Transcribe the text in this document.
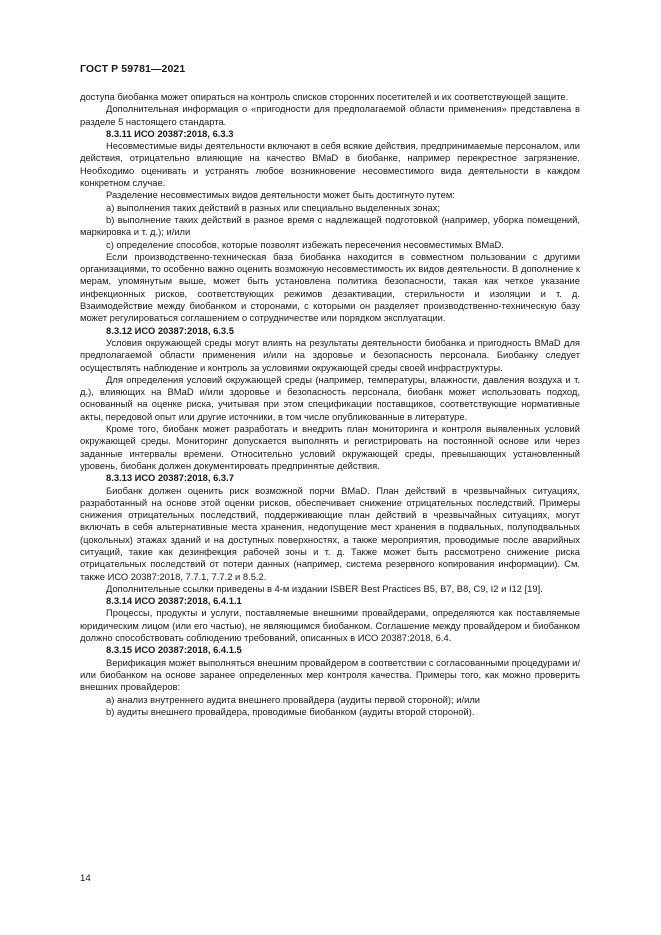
ГОСТ Р 59781—2021

доступа биобанка может опираться на контроль списков сторонних посетителей и их соответствующей защите.

Дополнительная информация о «пригодности для предполагаемой области применения» представлена в разделе 5 настоящего стандарта.

8.3.11 ИСО 20387:2018, 6.3.3

Несовместимые виды деятельности включают в себя всякие действия, предпринимаемые персоналом, или действия, отрицательно влияющие на качество BMaD в биобанке, например перекрестное загрязнение. Необходимо оценивать и устранять любое возникновение несовместимого вида деятельности в каждом конкретном случае.

Разделение несовместимых видов деятельности может быть достигнуто путем:

a) выполнения таких действий в разных или специально выделенных зонах;

b) выполнение таких действий в разное время с надлежащей подготовкой (например, уборка помещений, маркировка и т. д.); и/или

c) определение способов, которые позволят избежать пересечения несовместимых BMaD.

Если производственно-техническая база биобанка находится в совместном пользовании с другими организациями, то особенно важно оценить возможную несовместимость их видов деятельности. В дополнение к мерам, упомянутым выше, может быть установлена политика безопасности, такая как четкое указание инфекционных рисков, соответствующих режимов дезактивации, стерильности и изоляции и т. д. Взаимодействие между биобанком и сторонами, с которыми он разделяет производственно-техническую базу может регулироваться соглашением о сотрудничестве или порядком эксплуатации.

8.3.12 ИСО 20387:2018, 6.3.5

Условия окружающей среды могут влиять на результаты деятельности биобанка и пригодность BMaD для предполагаемой области применения и/или на здоровье и безопасность персонала. Биобанку следует осуществлять наблюдение и контроль за условиями окружающей среды своей инфраструктуры.

Для определения условий окружающей среды (например, температуры, влажности, давления воздуха и т. д.), влияющих на BMaD и/или здоровье и безопасность персонала, биобанк может использовать подход, основанный на оценке риска, учитывая при этом спецификации поставщиков, соответствующие нормативные акты, передовой опыт или другие источники, в том числе опубликованные в литературе.

Кроме того, биобанк может разработать и внедрить план мониторинга и контроля выявленных условий окружающей среды. Мониторинг допускается выполнять и регистрировать на постоянной основе или через заданные интервалы времени. Относительно условий окружающей среды, превышающих установленный уровень, биобанк должен документировать предпринятые действия.

8.3.13 ИСО 20387:2018, 6.3.7

Биобанк должен оценить риск возможной порчи BMaD. План действий в чрезвычайных ситуациях, разработанный на основе этой оценки рисков, обеспечивает снижение отрицательных последствий. Примеры снижения отрицательных последствий, поддерживающие план действий в чрезвычайных ситуациях, могут включать в себя альтернативные места хранения, недопущение мест хранения в подвальных, полуподвальных (цокольных) этажах зданий и на доступных поверхностях, а также мероприятия, проводимые после аварийных ситуаций, такие как дезинфекция рабочей зоны и т. д. Также может быть рассмотрено снижение риска отрицательных последствий от потери данных (например, система резервного копирования информации). См. также ИСО 20387:2018, 7.7.1, 7.7.2 и 8.5.2.

Дополнительные ссылки приведены в 4-м издании ISBER Best Practices B5, B7, B8, C9, I2 и I12 [19].

8.3.14 ИСО 20387:2018, 6.4.1.1

Процессы, продукты и услуги, поставляемые внешними провайдерами, определяются как поставляемые юридическим лицом (или его частью), не являющимся биобанком. Соглашение между провайдером и биобанком должно способствовать соблюдению требований, описанных в ИСО 20387:2018, 6.4.

8.3.15 ИСО 20387:2018, 6.4.1.5

Верификация может выполняться внешним провайдером в соответствии с согласованными процедурами и/или биобанком на основе заранее определенных мер контроля качества. Примеры того, как можно проверить внешних провайдеров:

a) анализ внутреннего аудита внешнего провайдера (аудиты первой стороной); и/или

b) аудиты внешнего провайдера, проводимые биобанком (аудиты второй стороной).

14
